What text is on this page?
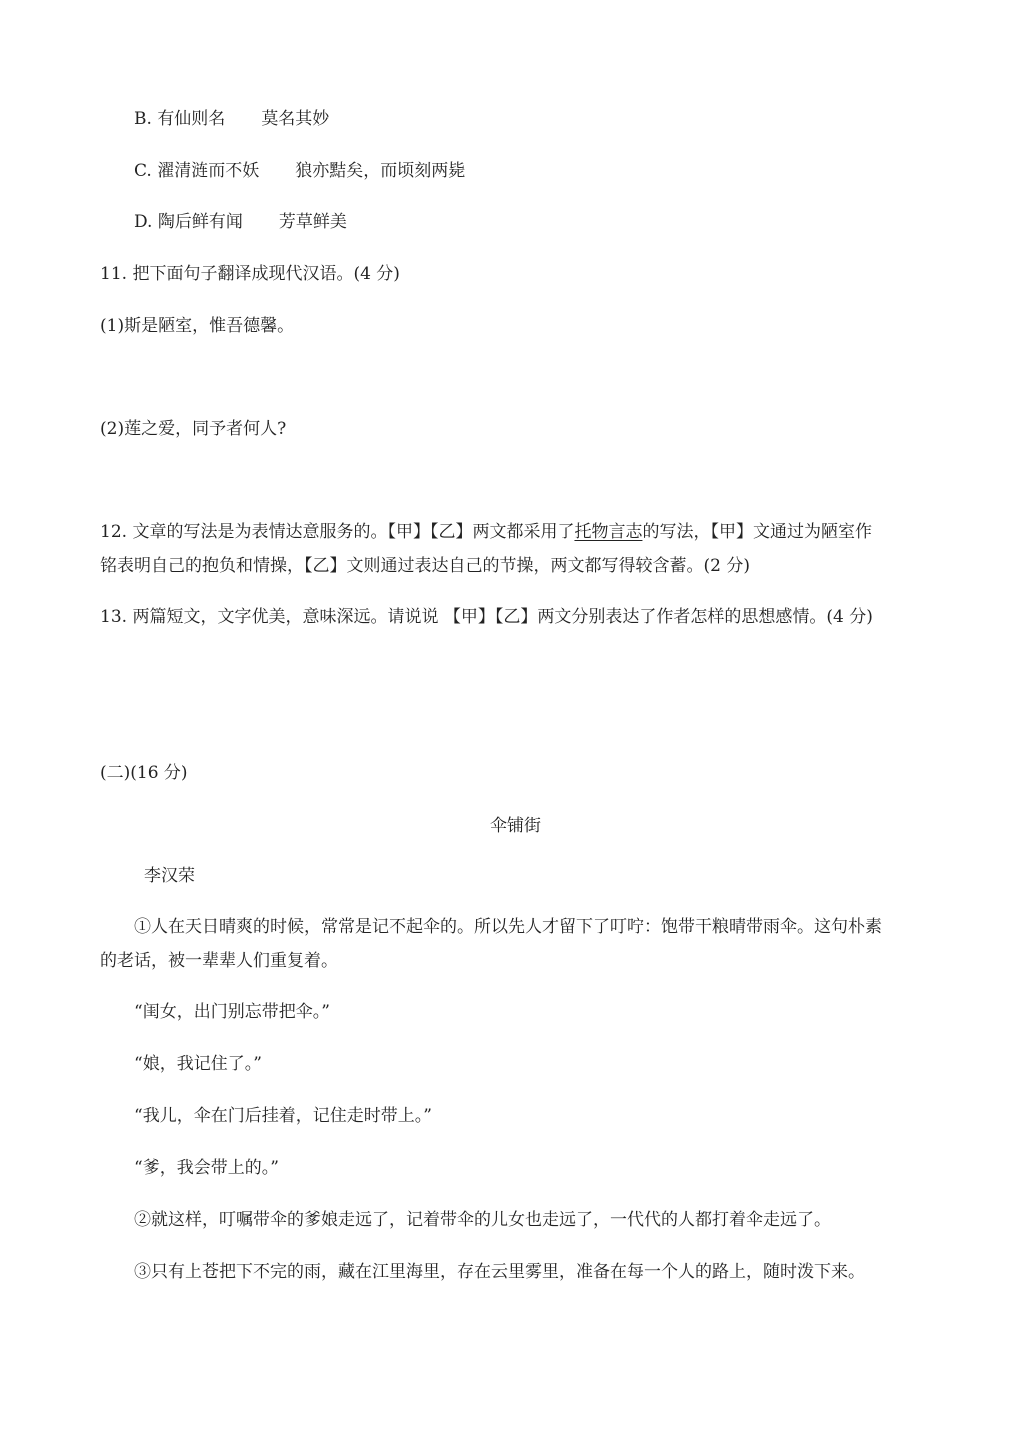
B. 有仙则名 莫名其妙
C. 濯清涟而不妖 狼亦黠矣，而顷刻两毙
D. 陶后鲜有闻 芳草鲜美
11. 把下面句子翻译成现代汉语。(4 分)
(1)斯是陋室，惟吾德馨。
(2)莲之爱，同予者何人?
12. 文章的写法是为表情达意服务的。【甲】【乙】两文都采用了托物言志的写法，【甲】文通过为陋室作
铭表明自己的抱负和情操，【乙】文则通过表达自己的节操，两文都写得较含蓄。(2 分)
13. 两篇短文，文字优美，意味深远。请说说 【甲】【乙】两文分别表达了作者怎样的思想感情。(4 分)
(二)(16 分)
伞铺街
李汉荣
①人在天日晴爽的时候，常常是记不起伞的。所以先人才留下了叮咛：饱带干粮晴带雨伞。这句朴素
的老话，被一辈辈人们重复着。
“闺女，出门别忘带把伞。”
“娘，我记住了。”
“我儿，伞在门后挂着，记住走时带上。”
“爹，我会带上的。”
②就这样，叮嘱带伞的爹娘走远了，记着带伞的儿女也走远了，一代代的人都打着伞走远了。
③只有上苍把下不完的雨，藏在江里海里，存在云里雾里，准备在每一个人的路上，随时泼下来。
